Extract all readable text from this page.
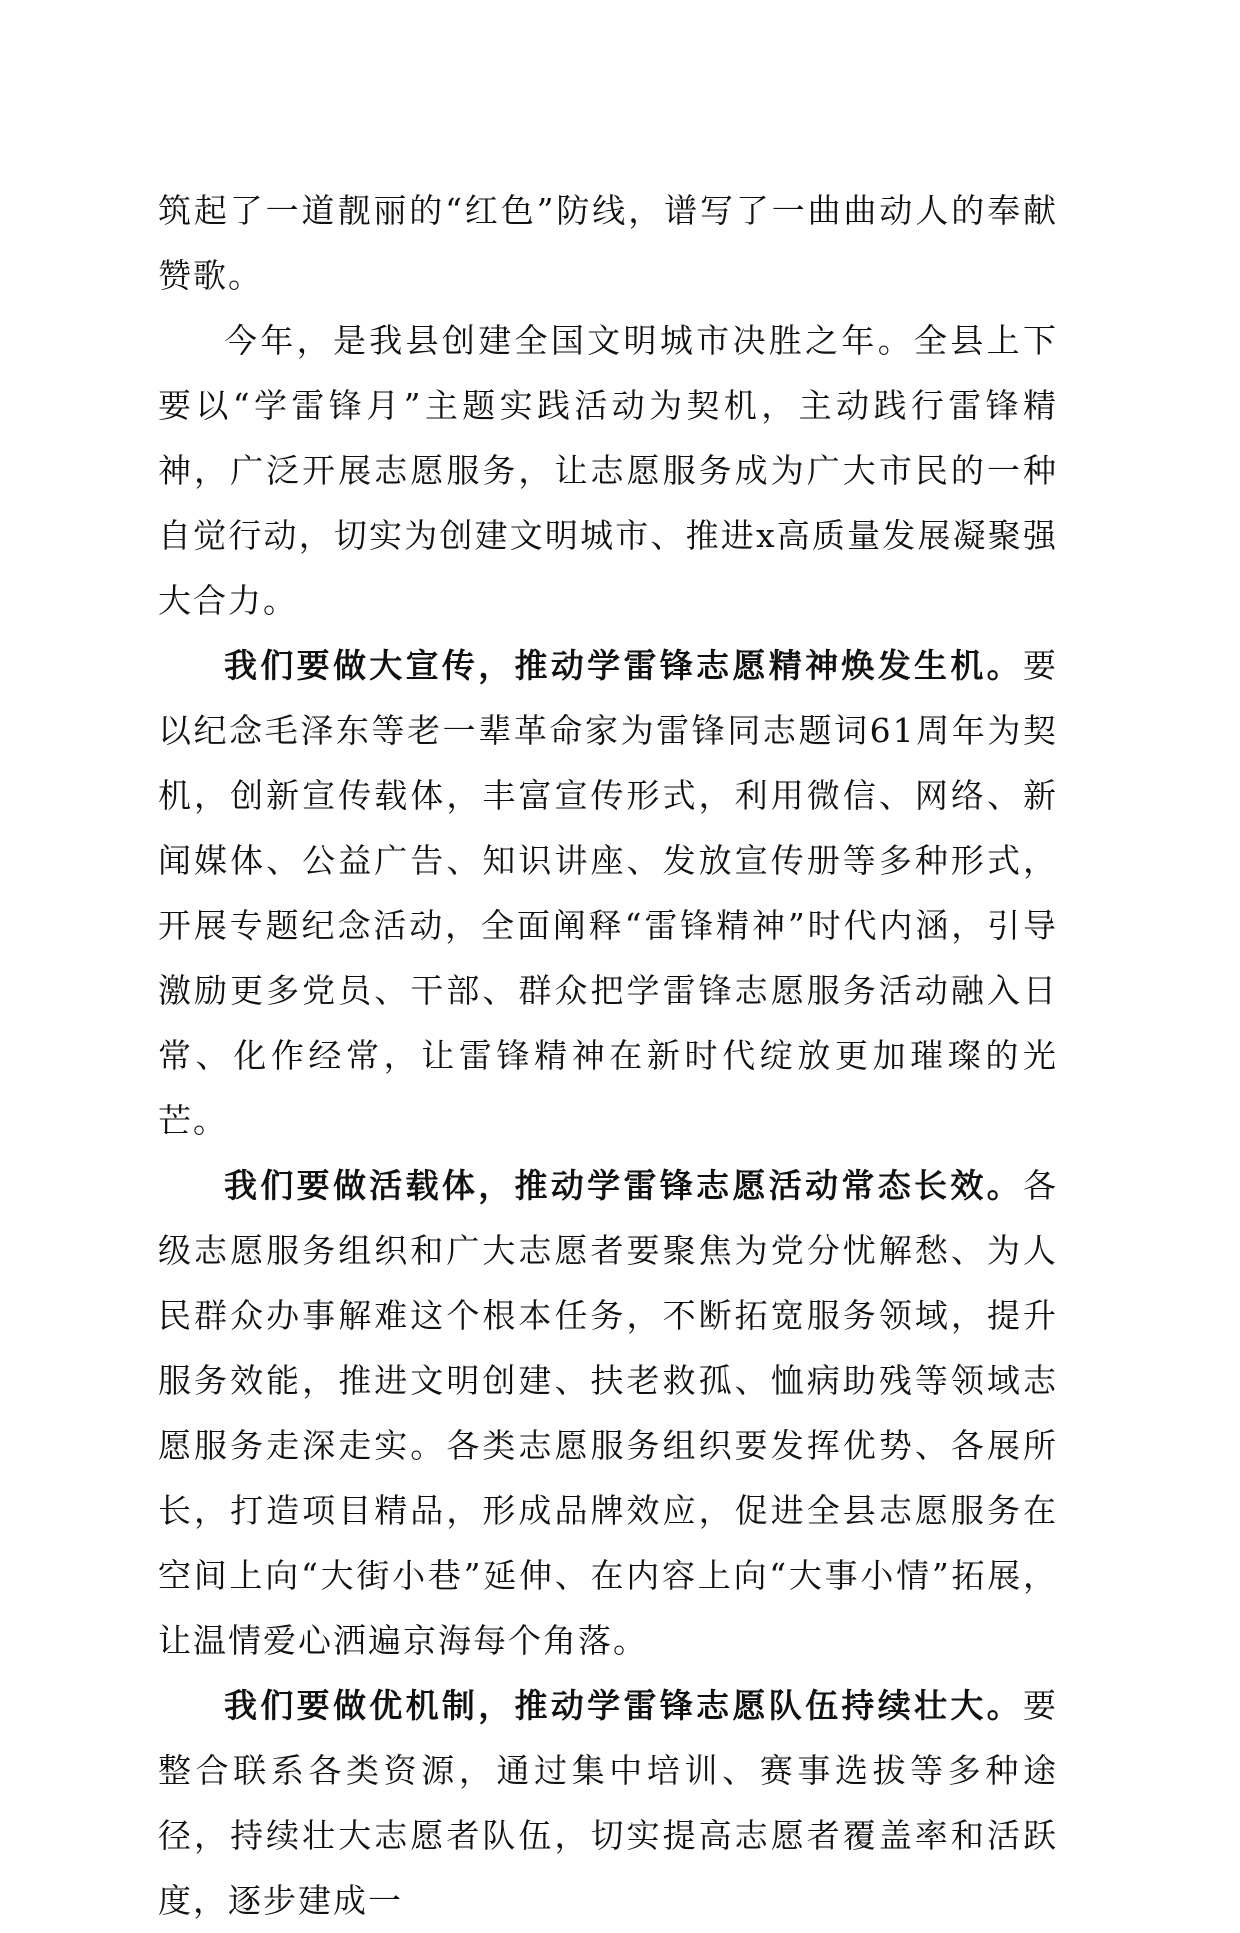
筑起了一道靓丽的“红色”防线，谱写了一曲曲动人的奉献赞歌。

今年，是我县创建全国文明城市决胜之年。全县上下要以“学雷锋月”主题实践活动为契机，主动践行雷锋精神，广泛开展志愿服务，让志愿服务成为广大市民的一种自觉行动，切实为创建文明城市、推进x高质量发展凝聚强大合力。

我们要做大宣传，推动学雷锋志愿精神焕发生机。要以纪念毛泽东等老一辈革命家为雷锋同志题词61周年为契机，创新宣传载体，丰富宣传形式，利用微信、网络、新闻媒体、公益广告、知识讲座、发放宣传册等多种形式，开展专题纪念活动，全面阐释“雷锋精神”时代内涵，引导激励更多党员、干部、群众把学雷锋志愿服务活动融入日常、化作经常，让雷锋精神在新时代绽放更加璀璨的光芒。

我们要做活载体，推动学雷锋志愿活动常态长效。各级志愿服务组织和广大志愿者要聚焦为党分忧解愁、为人民群众办事解难这个根本任务，不断拓宽服务领域，提升服务效能，推进文明创建、扶老救孤、恤病助残等领域志愿服务走深走实。各类志愿服务组织要发挥优势、各展所长，打造项目精品，形成品牌效应，促进全县志愿服务在空间上向“大街小巷”延伸、在内容上向“大事小情”拓展，让温情爱心洒遍京海每个角落。

我们要做优机制，推动学雷锋志愿队伍持续壮大。要整合联系各类资源，通过集中培训、赛事选拔等多种途径，持续壮大志愿者队伍，切实提高志愿者覆盖率和活跃度，逐步建成一
